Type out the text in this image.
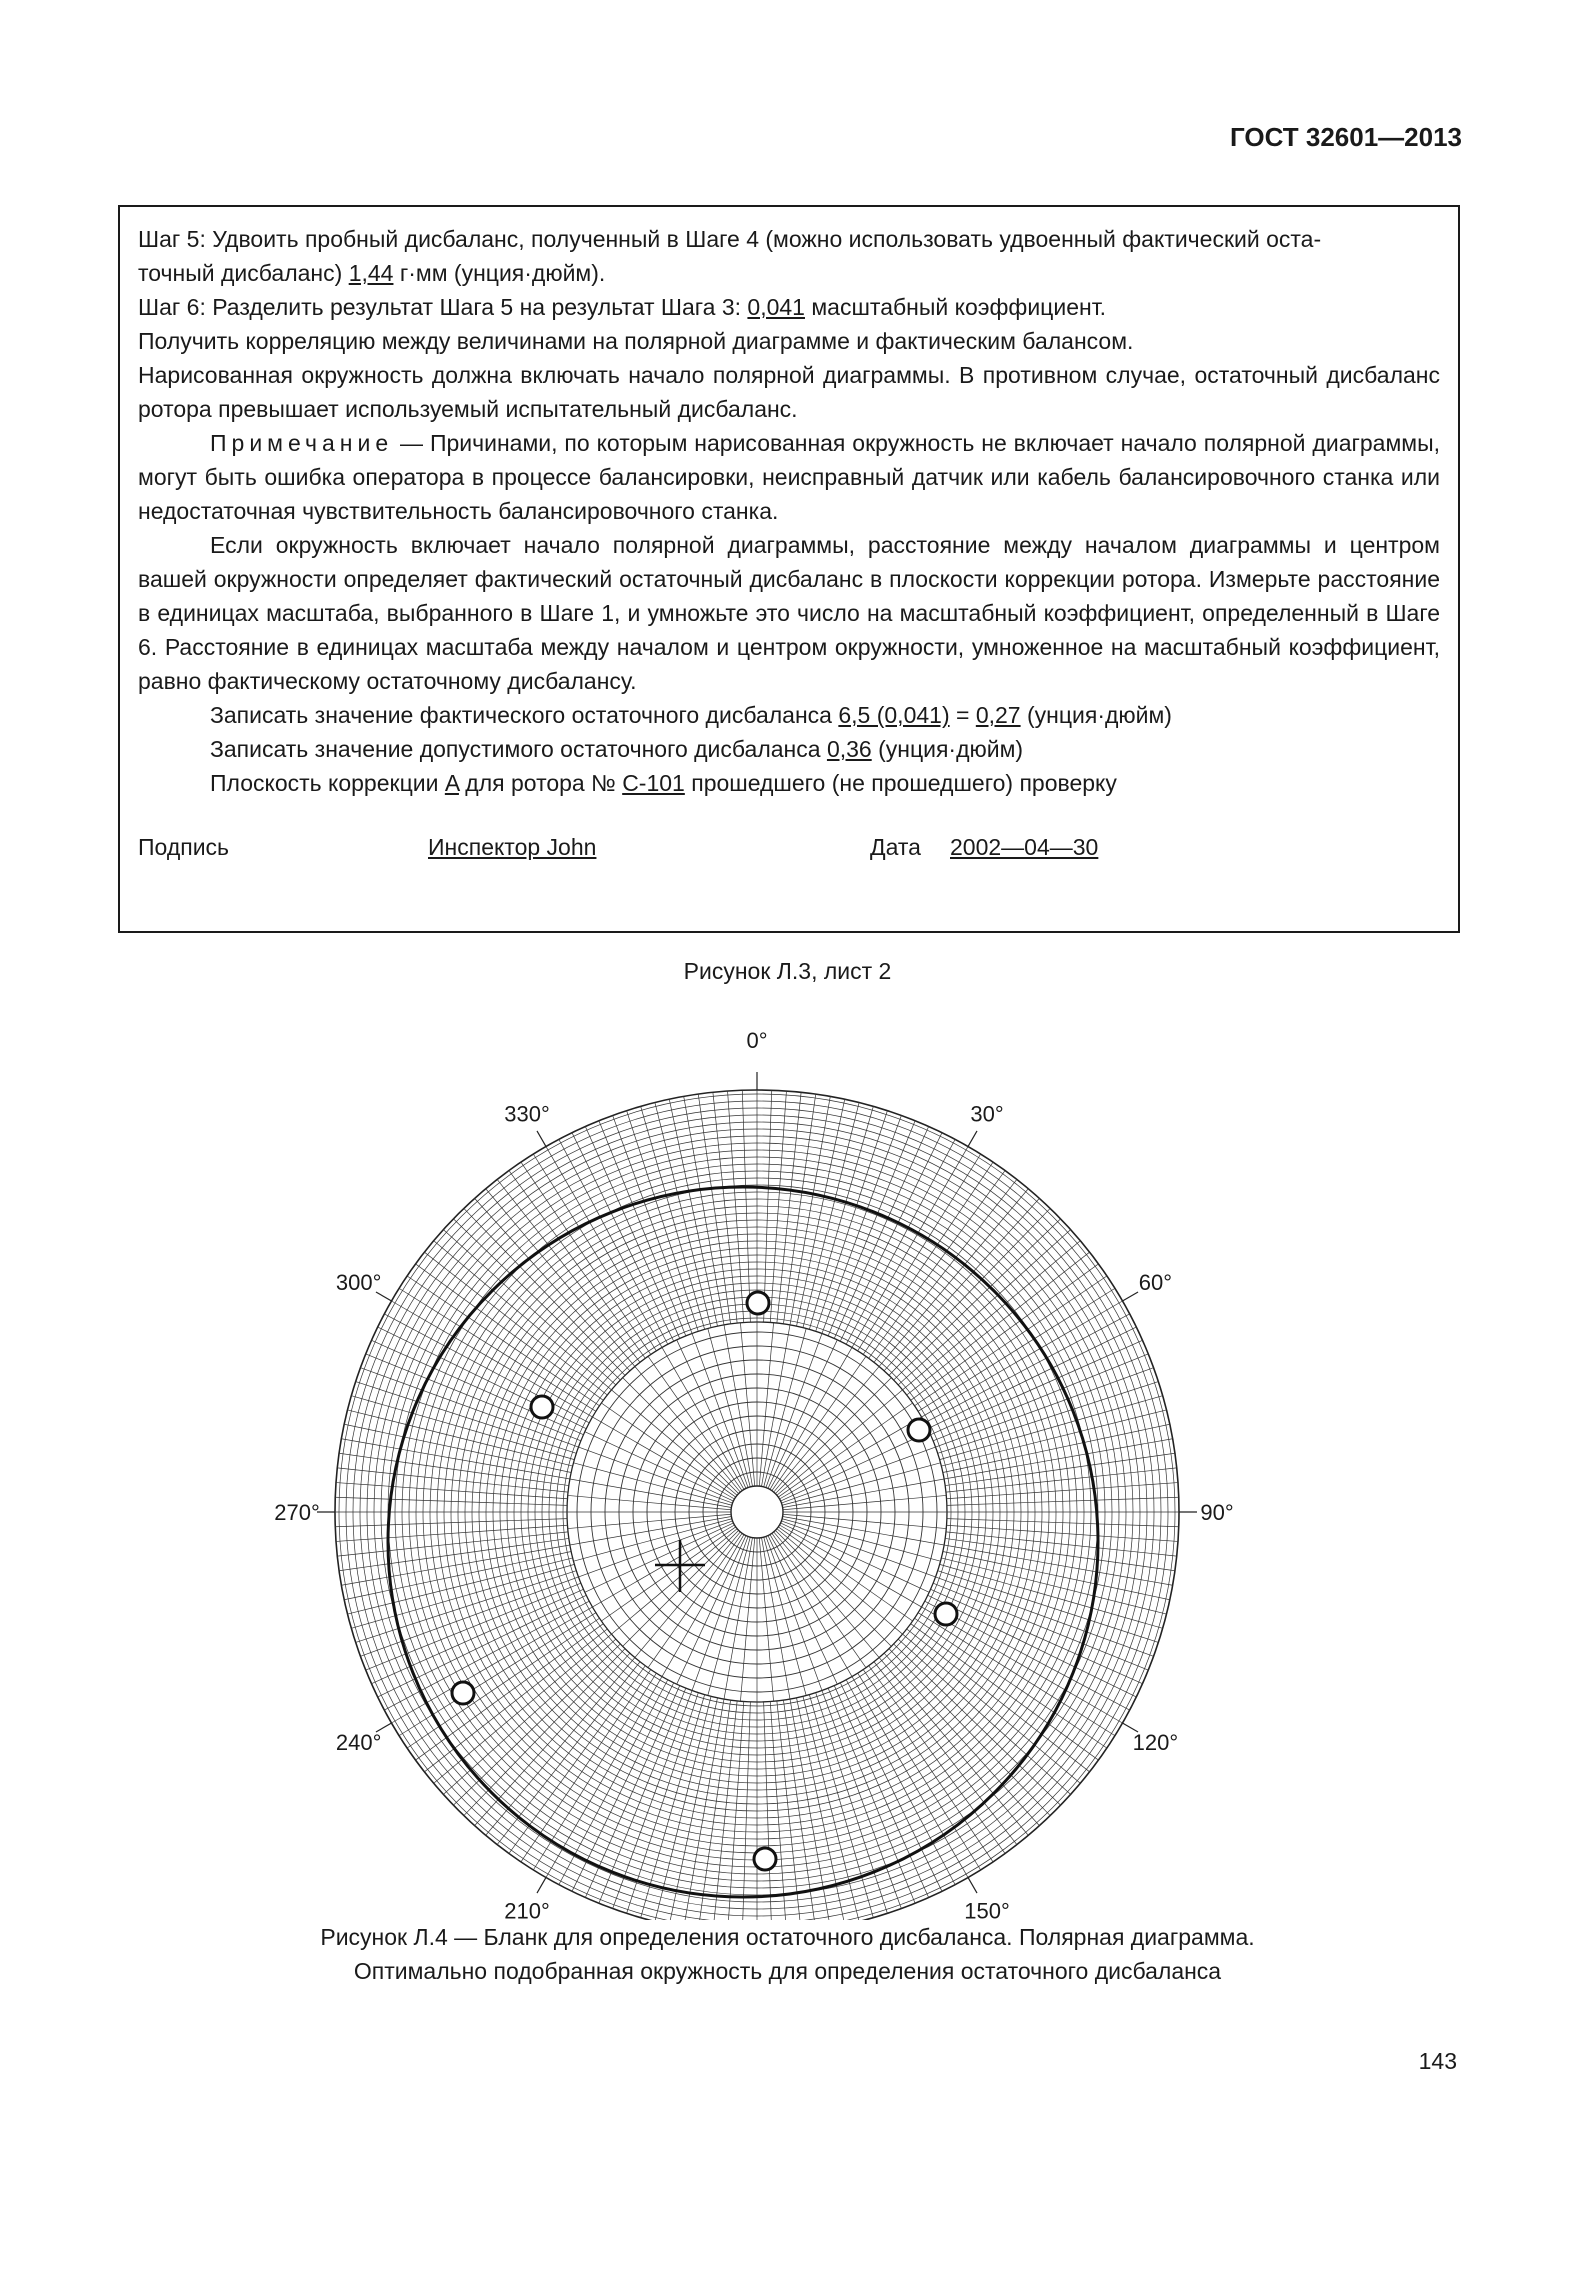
ГОСТ 32601—2013

Шаг 5: Удвоить пробный дисбаланс, полученный в Шаге 4 (можно использовать удвоенный фактический оста-

точный дисбаланс) 1,44 г·мм (унция·дюйм).

Шаг 6: Разделить результат Шага 5 на результат Шага 3: 0,041 масштабный коэффициент.

Получить корреляцию между величинами на полярной диаграмме и фактическим балансом.

Нарисованная окружность должна включать начало полярной диаграммы. В противном случае, остаточный дисбаланс ротора превышает используемый испытательный дисбаланс.

Примечание — Причинами, по которым нарисованная окружность не включает начало полярной диаграммы, могут быть ошибка оператора в процессе балансировки, неисправный датчик или кабель балансировочного станка или недостаточная чувствительность балансировочного станка.

Если окружность включает начало полярной диаграммы, расстояние между началом диаграммы и центром вашей окружности определяет фактический остаточный дисбаланс в плоскости коррекции ротора. Измерьте расстояние в единицах масштаба, выбранного в Шаге 1, и умножьте это число на масштабный коэффициент, определенный в Шаге 6. Расстояние в единицах масштаба между началом и центром окружности, умноженное на масштабный коэффициент, равно фактическому остаточному дисбалансу.

Записать значение фактического остаточного дисбаланса 6,5 (0,041) = 0,27 (унция·дюйм)

Записать значение допустимого остаточного дисбаланса 0,36 (унция·дюйм)

Плоскость коррекции A для ротора № C-101 прошедшего (не прошедшего) проверку

Подпись	Инспектор John	Дата 2002—04—30
Рисунок Л.3, лист 2
0°
30°
60°
90°
120°
150°
210°
240°
270°
300°
330°
Рисунок Л.4 — Бланк для определения остаточного дисбаланса. Полярная диаграмма.
Оптимально подобранная окружность для определения остаточного дисбаланса
143
